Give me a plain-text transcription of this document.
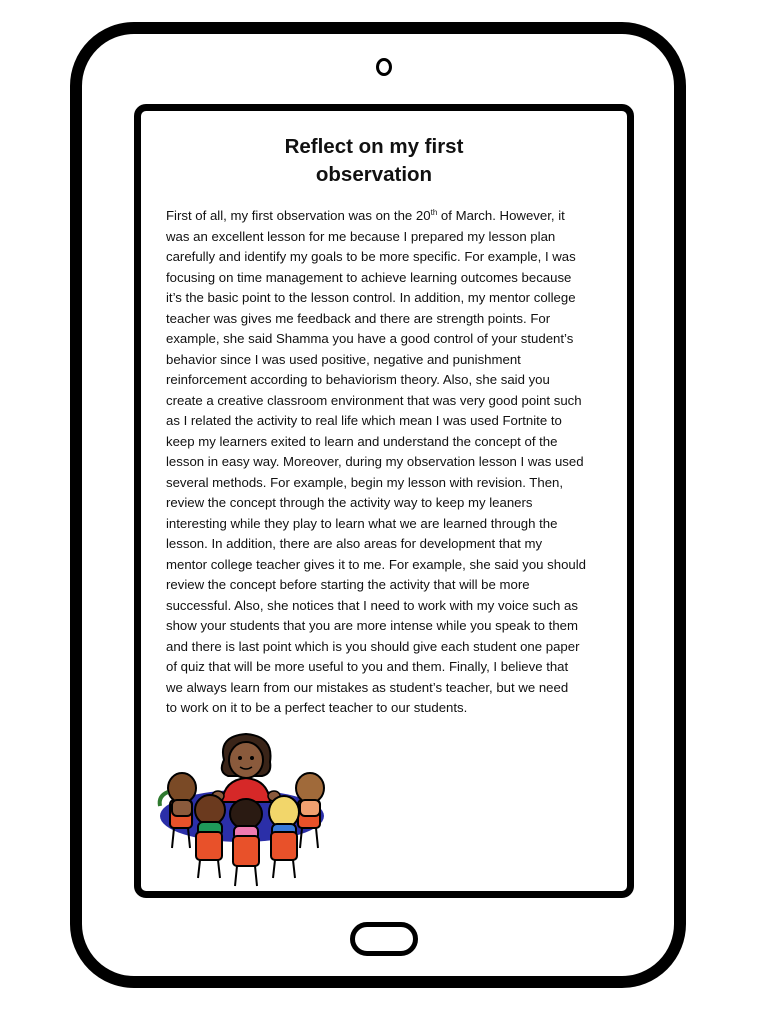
Reflect on my first
observation
First of all, my first observation was on the 20th of March. However, it
was an excellent lesson for me because I prepared my lesson plan
carefully and identify my goals to be more specific. For example, I was
focusing on time management to achieve learning outcomes because
it’s the basic point to the lesson control. In addition, my mentor college
teacher was gives me feedback and there are strength points. For
example, she said Shamma you have a good control of your student’s
behavior since I was used positive, negative and punishment
reinforcement according to behaviorism theory. Also, she said you
create a creative classroom environment that was very good point such
as I related the activity to real life which mean I was used Fortnite to
keep my learners exited to learn and understand the concept of the
lesson in easy way. Moreover, during my observation lesson I was used
several methods. For example, begin my lesson with revision. Then,
review the concept through the activity way to keep my leaners
interesting while they play to learn what we are learned through the
lesson. In addition, there are also areas for development that my
mentor college teacher gives it to me. For example, she said you should
review the concept before starting the activity that will be more
successful. Also, she notices that I need to work with my voice such as
show your students that you are more intense while you speak to them
and there is last point which is you should give each student one paper
of quiz that will be more useful to you and them. Finally, I believe that
we always learn from our mistakes as student’s teacher, but we need
to work on it to be a perfect teacher to our students.
